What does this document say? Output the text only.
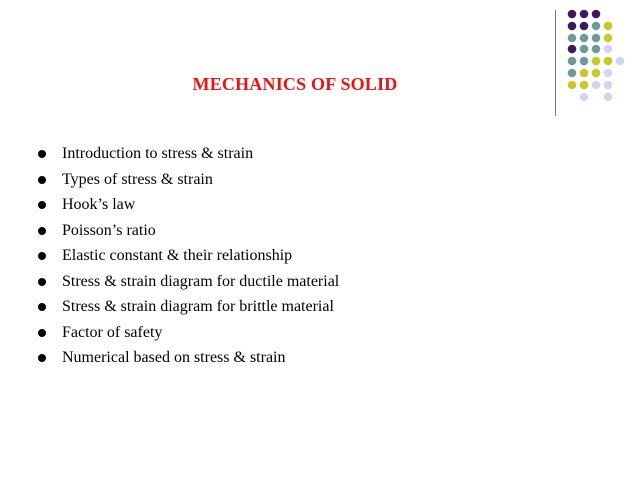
MECHANICS OF SOLID
Introduction to stress & strain
Types of stress & strain
Hook’s law
Poisson’s ratio
Elastic constant & their relationship
Stress & strain diagram for ductile material
Stress & strain diagram for brittle material
Factor of safety
Numerical based on stress & strain
